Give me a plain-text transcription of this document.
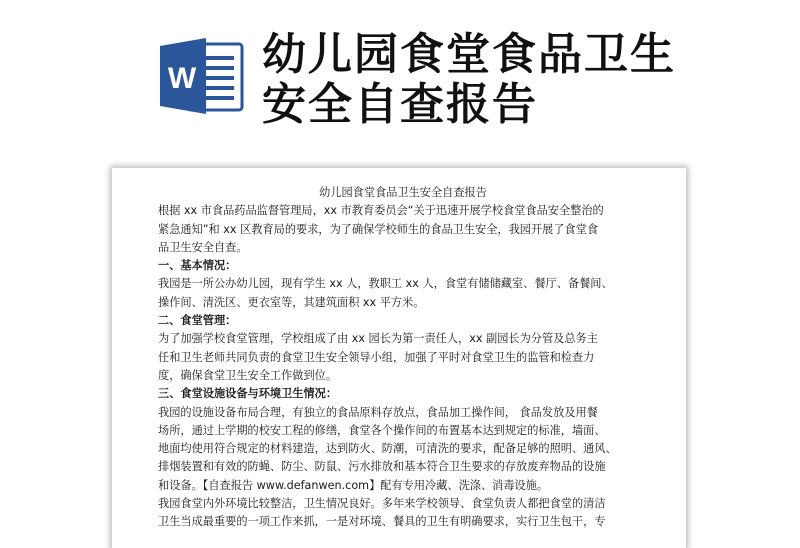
W 幼儿园食堂食品卫生
安全自查报告
幼儿园食堂食品卫生安全自查报告
根据 xx 市食品药品监督管理局，xx 市教育委员会“关于迅速开展学校食堂食品安全整治的
紧急通知”和 xx 区教育局的要求，为了确保学校师生的食品卫生安全，我园开展了食堂食
品卫生安全自查。
一、基本情况：
我园是一所公办幼儿园，现有学生 xx 人，教职工 xx 人，食堂有储储藏室、餐厅、备餐间、
操作间、清洗区、更衣室等，其建筑面积 xx 平方米。
二、食堂管理：
为了加强学校食堂管理，学校组成了由 xx 园长为第一责任人，xx 副园长为分管及总务主
任和卫生老师共同负责的食堂卫生安全领导小组，加强了平时对食堂卫生的监管和检查力
度，确保食堂卫生安全工作做到位。
三、食堂设施设备与环境卫生情况：
我园的设施设备布局合理，有独立的食品原料存放点，食品加工操作间， 食品发放及用餐
场所，通过上学期的校安工程的修缮，食堂各个操作间的布置基本达到规定的标准，墙面、
地面均使用符合规定的材料建造，达到防火、防潮，可清洗的要求，配备足够的照明、通风、
排烟装置和有效的防蝇、防尘、防鼠、污水排放和基本符合卫生要求的存放废弃物品的设施
和设备。【自查报告 www.defanwen.com】配有专用冷藏、洗涤、消毒设施。
我园食堂内外环境比较整洁，卫生情况良好。多年来学校领导、食堂负责人都把食堂的清洁
卫生当成最重要的一项工作来抓，一是对环境、餐具的卫生有明确要求，实行卫生包干，专
